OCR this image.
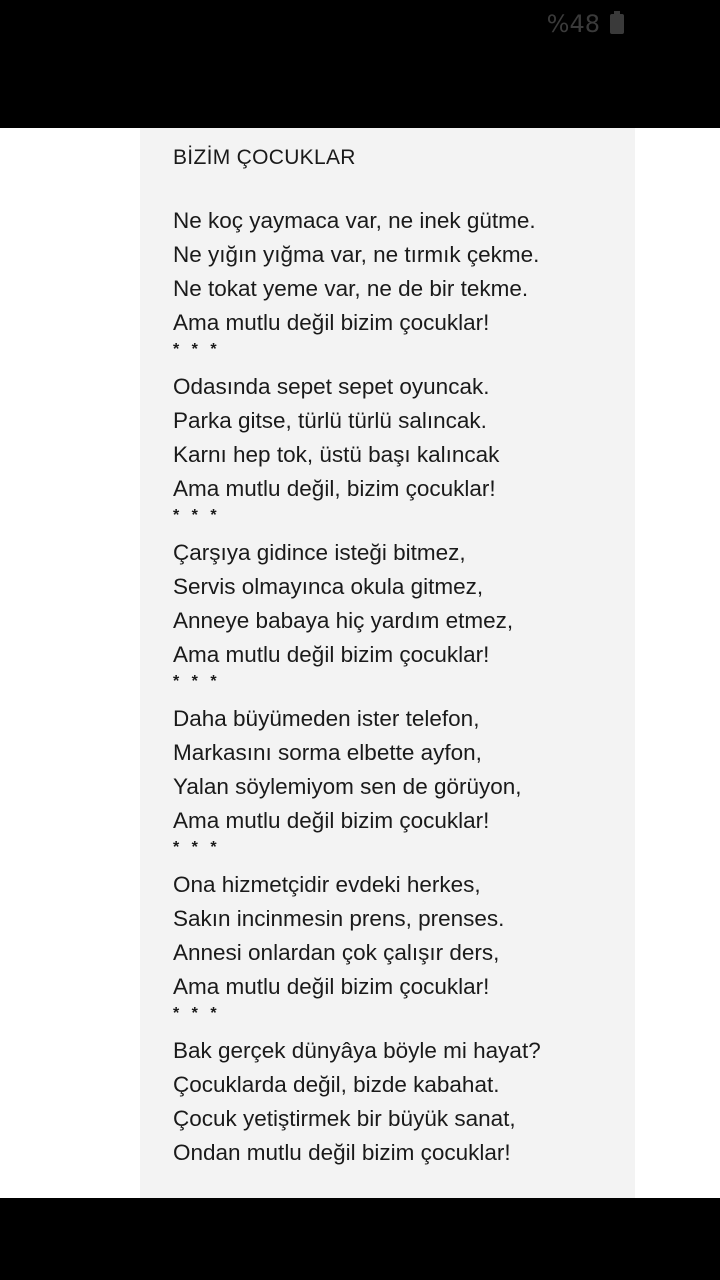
%48
BİZİM ÇOCUKLAR
Ne koç yaymaca var, ne inek gütme.
Ne yığın yığma var, ne tırmık çekme.
Ne tokat yeme var, ne de bir tekme.
Ama mutlu değil bizim çocuklar!
* * *
Odasında sepet sepet oyuncak.
Parka gitse, türlü türlü salıncak.
Karnı hep tok, üstü başı kalıncak
Ama mutlu değil, bizim çocuklar!
* * *
Çarşıya gidince isteği bitmez,
Servis olmayınca okula gitmez,
Anneye babaya hiç yardım etmez,
Ama mutlu değil bizim çocuklar!
* * *
Daha büyümeden ister telefon,
Markasını sorma elbette ayfon,
Yalan söylemiyom sen de görüyon,
Ama mutlu değil bizim çocuklar!
* * *
Ona hizmetçidir evdeki herkes,
Sakın incinmesin prens, prenses.
Annesi onlardan çok çalışır ders,
Ama mutlu değil bizim çocuklar!
* * *
Bak gerçek dünyâya böyle mi hayat?
Çocuklarda değil, bizde kabahat.
Çocuk yetiştirmek bir büyük sanat,
Ondan mutlu değil bizim çocuklar!
